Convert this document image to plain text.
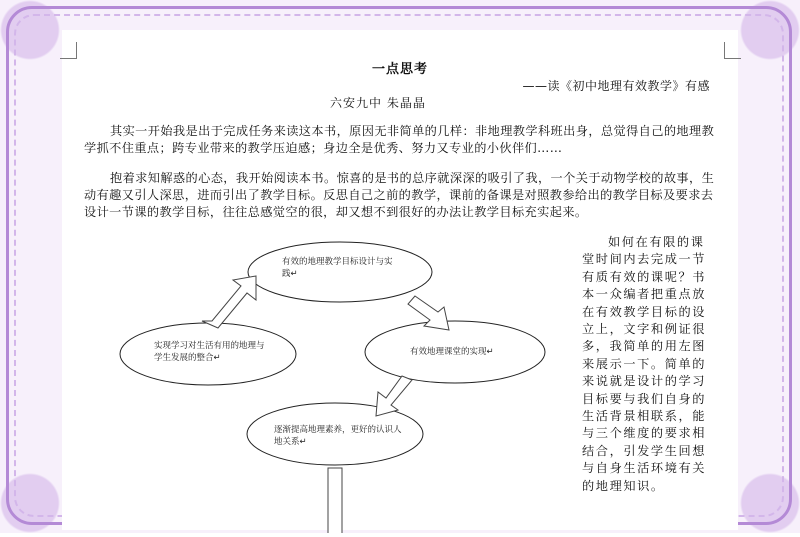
一点思考
——读《初中地理有效教学》有感
六安九中 朱晶晶

其实一开始我是出于完成任务来读这本书，原因无非简单的几样：非地理教学科班出身，总觉得自己的地理教学抓不住重点；跨专业带来的教学压迫感；身边全是优秀、努力又专业的小伙伴们……

抱着求知解惑的心态，我开始阅读本书。惊喜的是书的总序就深深的吸引了我，一个关于动物学校的故事，生动有趣又引人深思，进而引出了教学目标。反思自己之前的教学，课前的备课是对照教参给出的教学目标及要求去设计一节课的教学目标，往往总感觉空的很，却又想不到很好的办法让教学目标充实起来。

如何在有限的课堂时间内去完成一节有质有效的课呢？书本一众编者把重点放在有效教学目标的设立上，文字和例证很多，我简单的用左图来展示一下。简单的来说就是设计的学习目标要与我们自身的生活背景相联系，能与三个维度的要求相结合，引发学生回想与自身生活环境有关的地理知识。

有效的地理教学目标设计与实践↵
有效地理课堂的实现↵
逐渐提高地理素养，更好的认识人地关系↵
实现学习对生活有用的地理与学生发展的整合↵
